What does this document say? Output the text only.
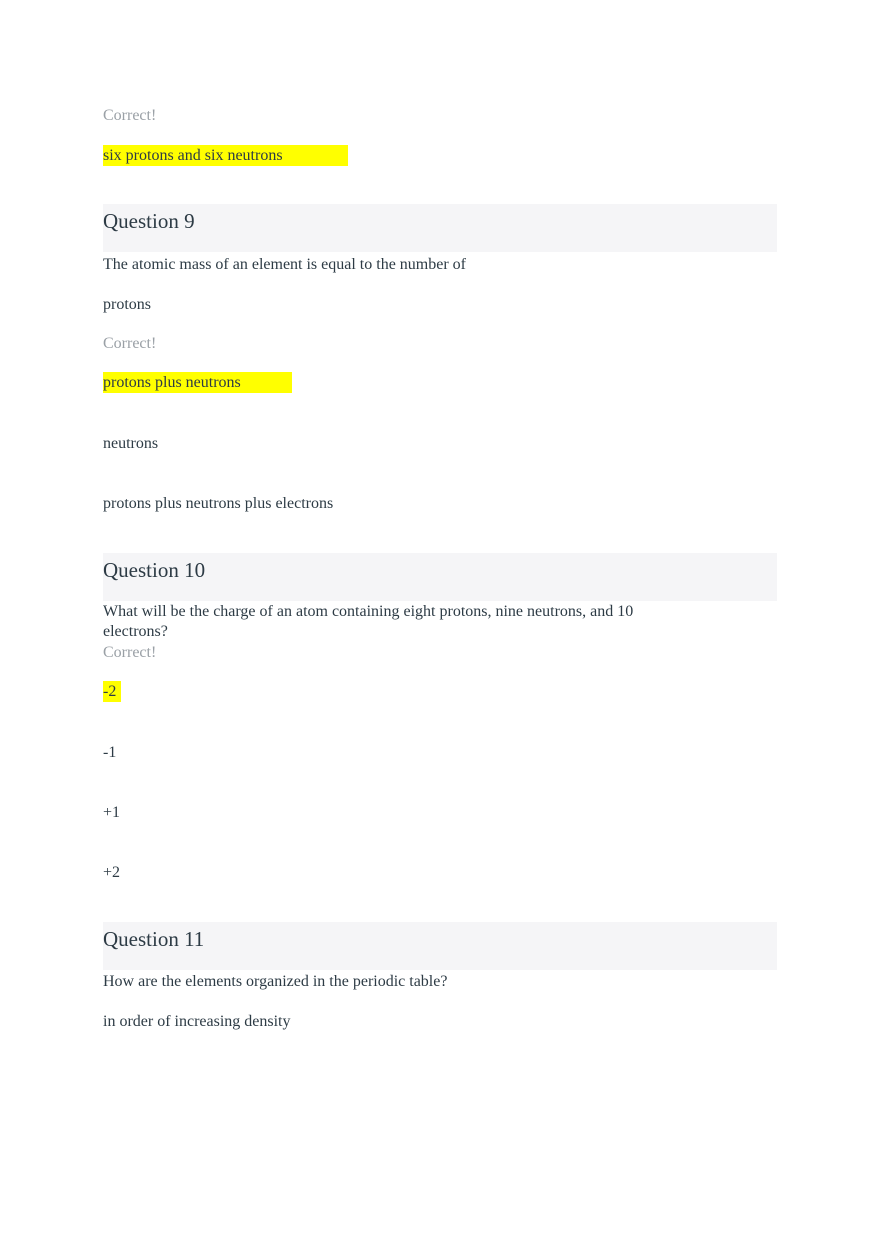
Correct!
six protons and six neutrons
Question 9
The atomic mass of an element is equal to the number of
protons
Correct!
protons plus neutrons
neutrons
protons plus neutrons plus electrons
Question 10
What will be the charge of an atom containing eight protons, nine neutrons, and 10 electrons?
Correct!
-2
-1
+1
+2
Question 11
How are the elements organized in the periodic table?
in order of increasing density
